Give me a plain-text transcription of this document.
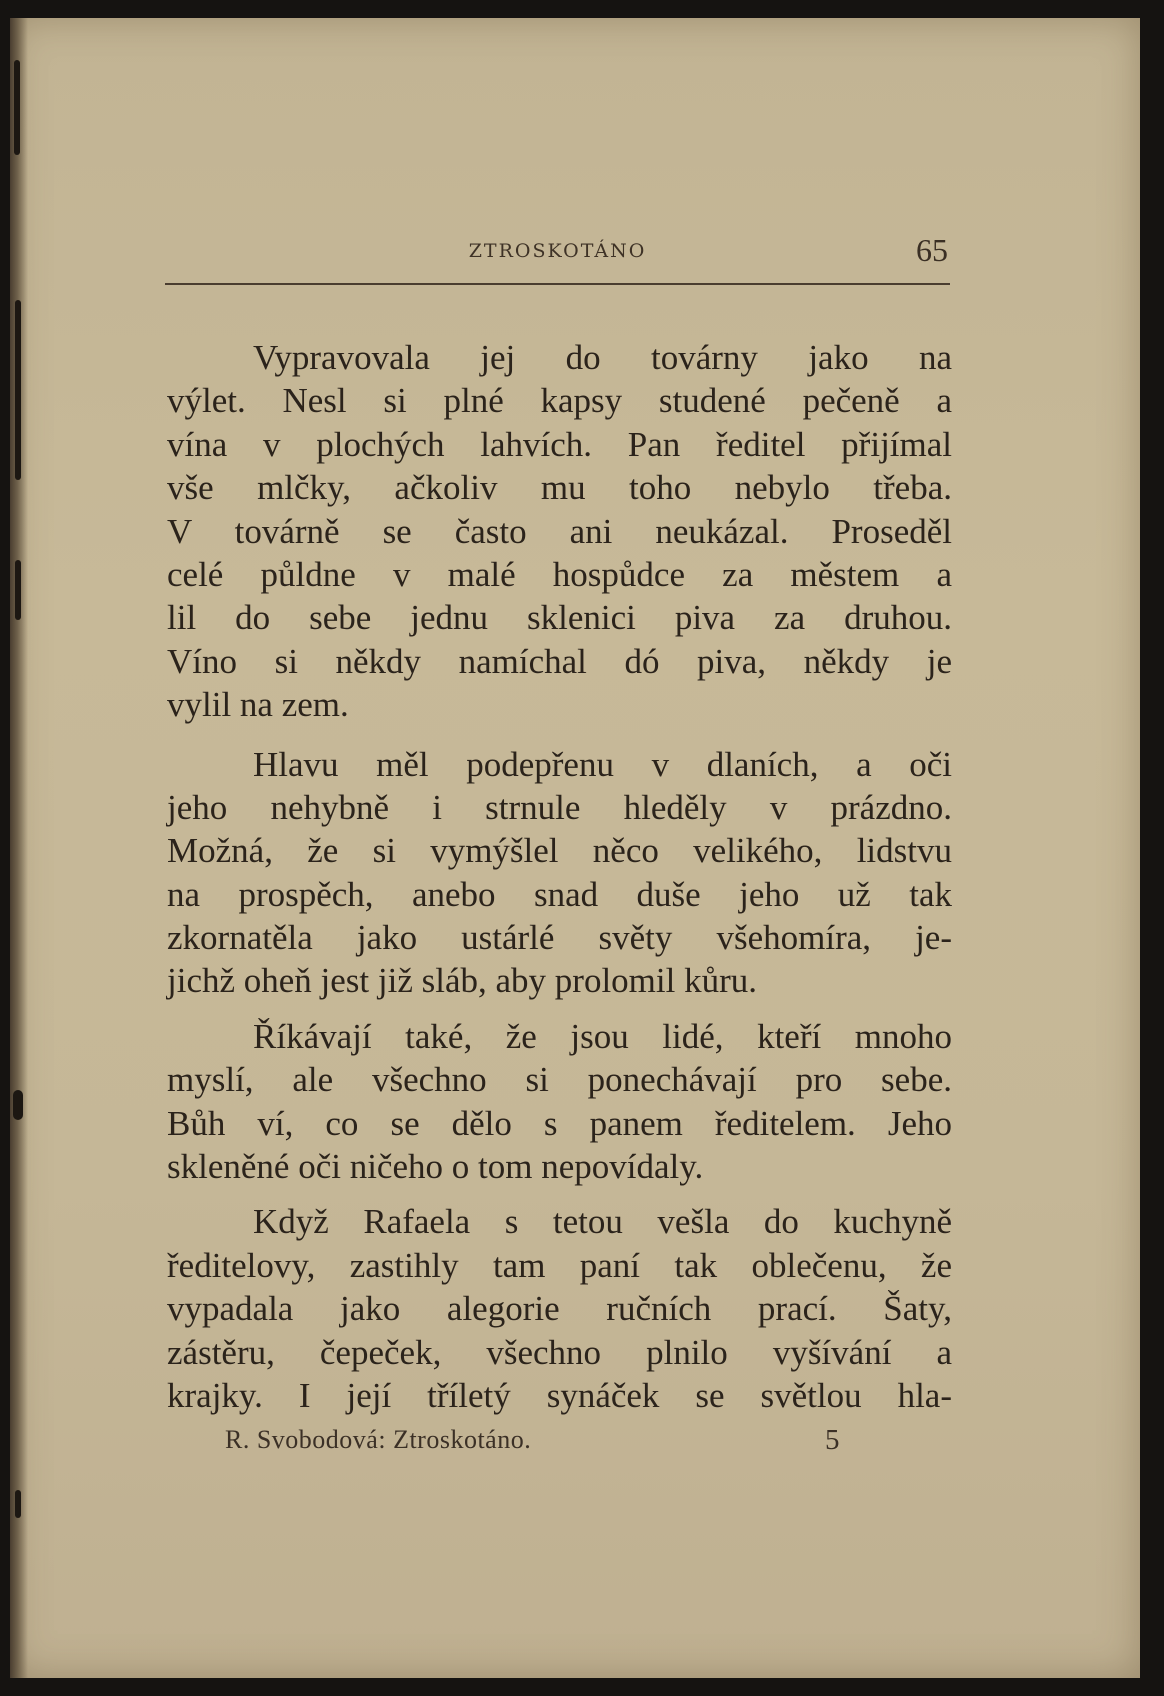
ZTROSKOTÁNO	65
Vypravovala jej do továrny jako na
výlet. Nesl si plné kapsy studené pečeně a
vína v plochých lahvích. Pan ředitel přijímal
vše mlčky, ačkoliv mu toho nebylo třeba.
V továrně se často ani neukázal. Proseděl
celé půldne v malé hospůdce za městem a
lil do sebe jednu sklenici piva za druhou.
Víno si někdy namíchal dó piva, někdy je
vylil na zem.
Hlavu měl podepřenu v dlaních, a oči
jeho nehybně i strnule hleděly v prázdno.
Možná, že si vymýšlel něco velikého, lidstvu
na prospěch, anebo snad duše jeho už tak
zkornatěla jako ustárlé světy všehomíra, je-
jichž oheň jest již sláb, aby prolomil kůru.
Říkávají také, že jsou lidé, kteří mnoho
myslí, ale všechno si ponechávají pro sebe.
Bůh ví, co se dělo s panem ředitelem. Jeho
skleněné oči ničeho o tom nepovídaly.
Když Rafaela s tetou vešla do kuchyně
ředitelovy, zastihly tam paní tak oblečenu, že
vypadala jako alegorie ručních prací. Šaty,
zástěru, čepeček, všechno plnilo vyšívání a
krajky. I její tříletý synáček se světlou hla-
R. Svobodová: Ztroskotáno.	5
